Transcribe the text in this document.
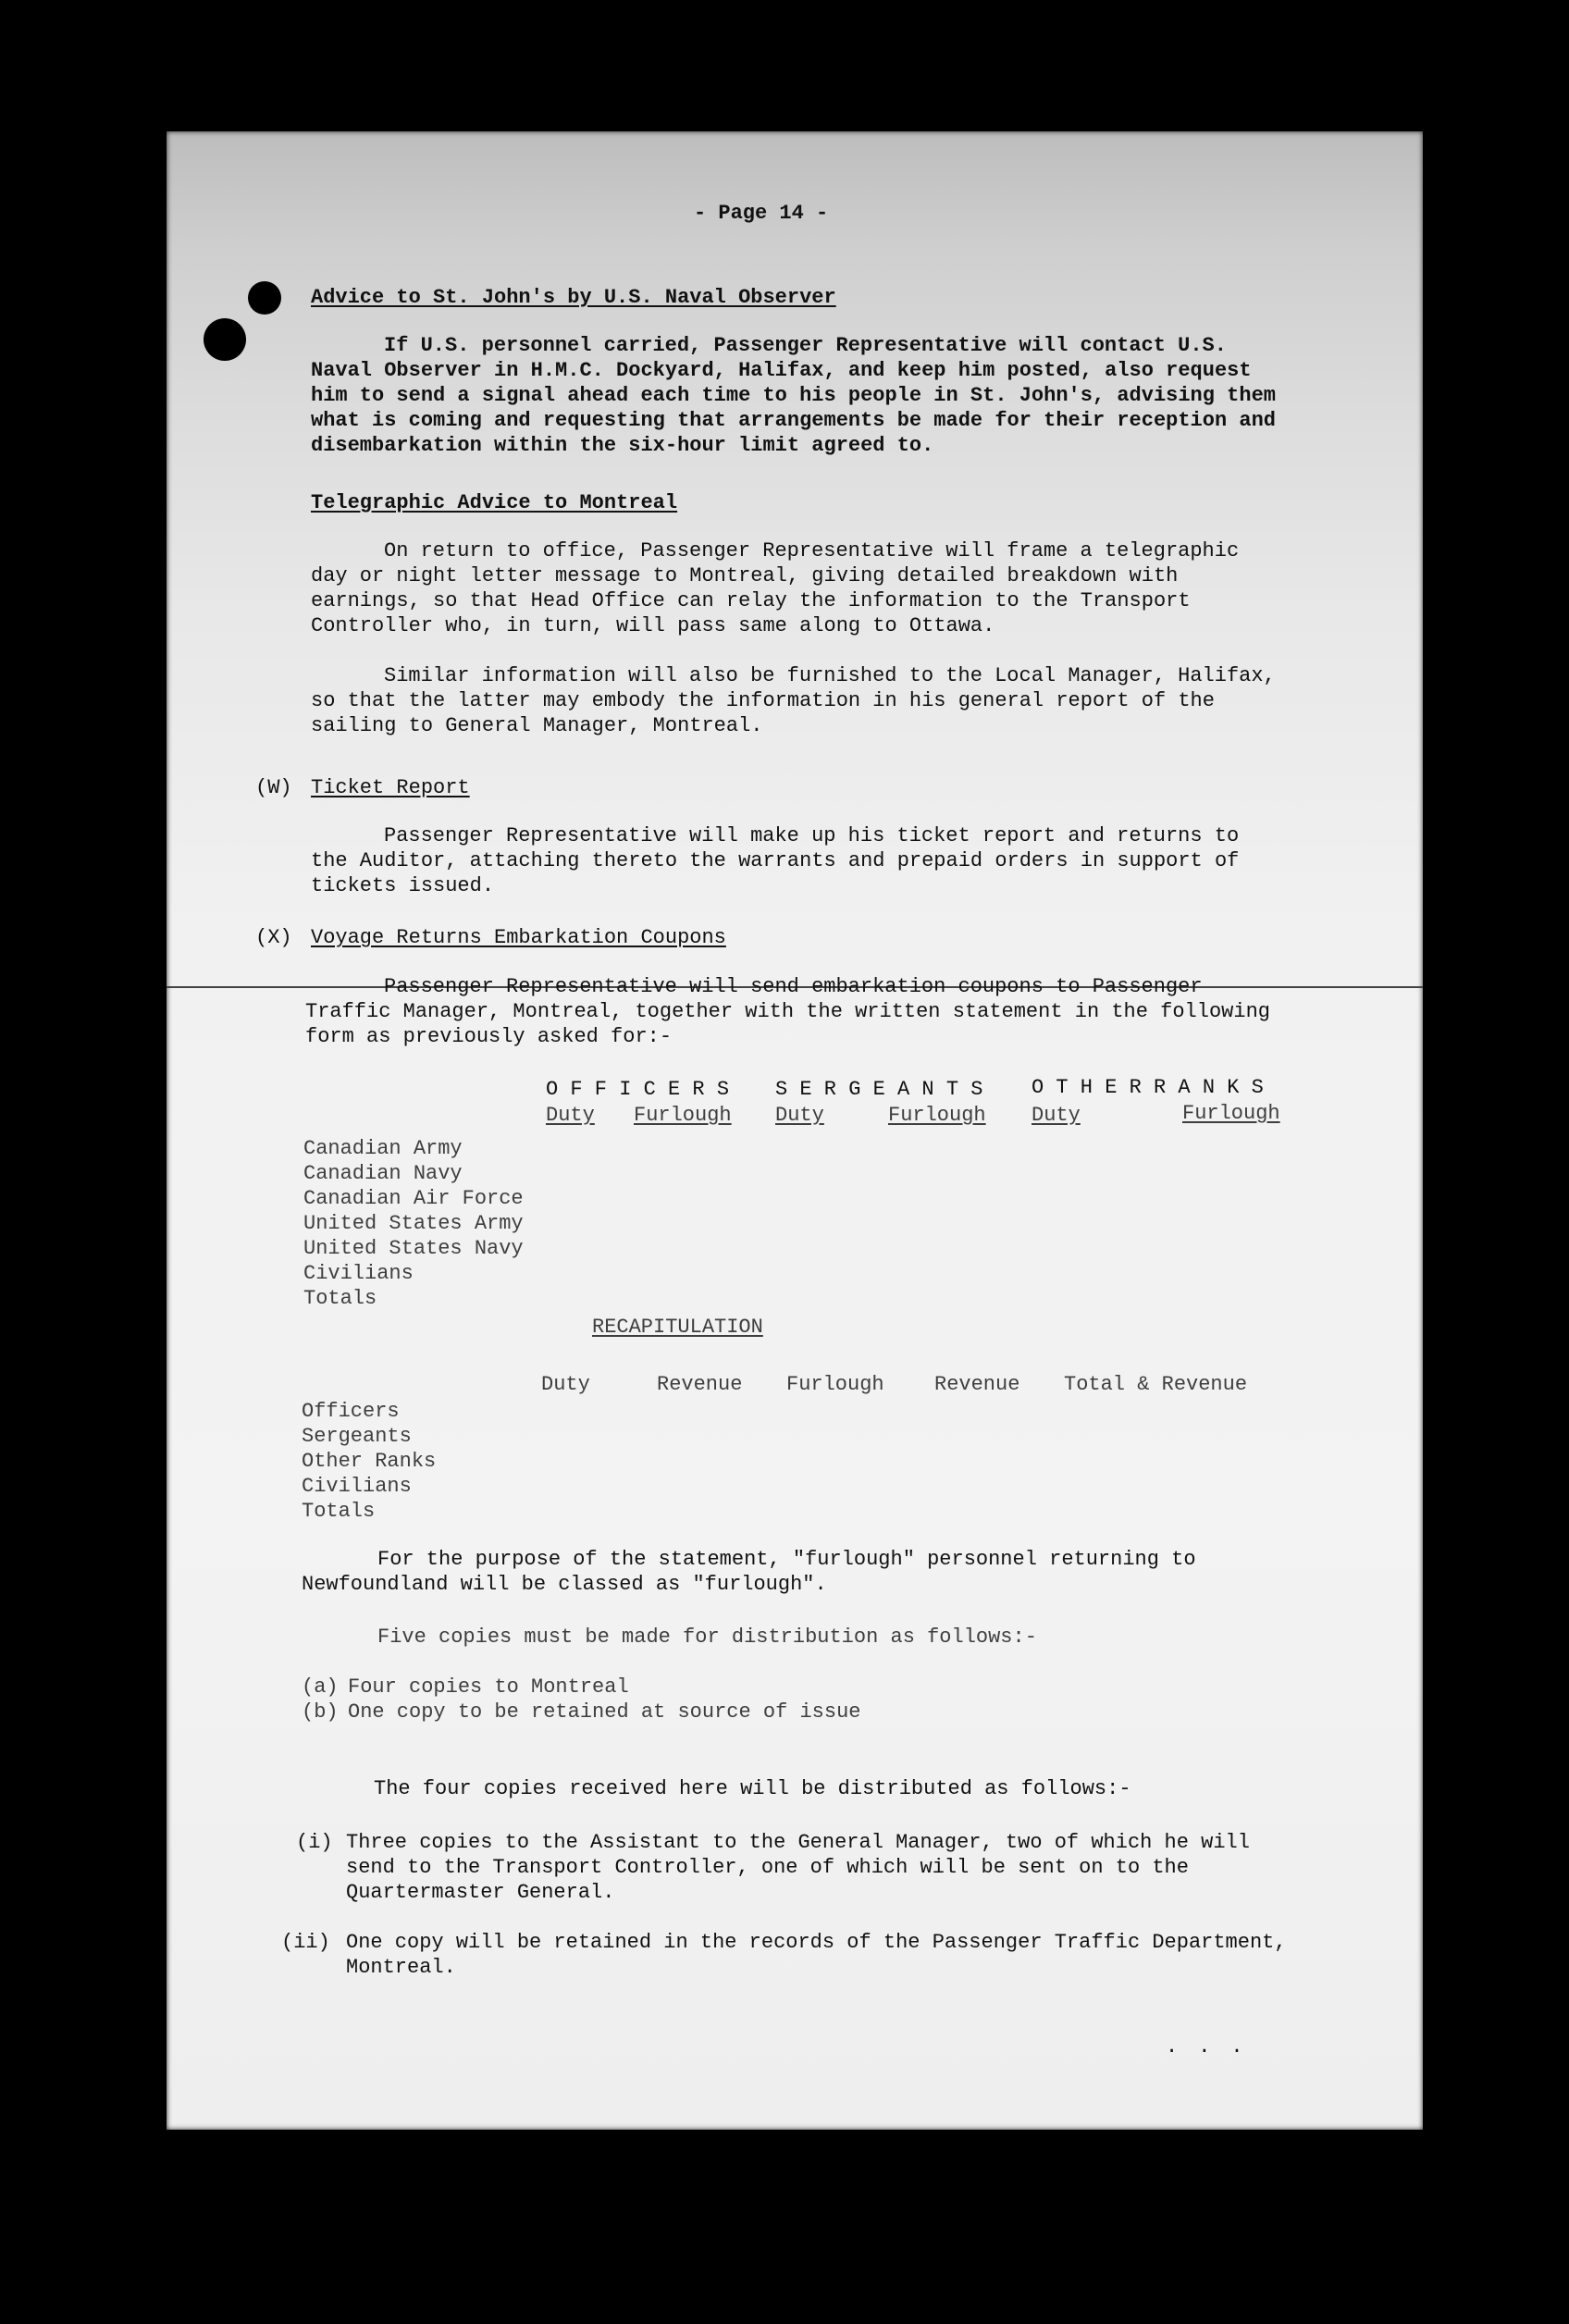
- Page 14 -
Advice to St. John's by U.S. Naval Observer
If U.S. personnel carried, Passenger Representative will contact U.S.
Naval Observer in H.M.C. Dockyard, Halifax, and keep him posted, also request
him to send a signal ahead each time to his people in St. John's, advising them
what is coming and requesting that arrangements be made for their reception and
disembarkation within the six-hour limit agreed to.
Telegraphic Advice to Montreal
On return to office, Passenger Representative will frame a telegraphic
day or night letter message to Montreal, giving detailed breakdown with
earnings, so that Head Office can relay the information to the Transport
Controller who, in turn, will pass same along to Ottawa.
Similar information will also be furnished to the Local Manager, Halifax,
so that the latter may embody the information in his general report of the
sailing to General Manager, Montreal.
(W) Ticket Report
Passenger Representative will make up his ticket report and returns to
the Auditor, attaching thereto the warrants and prepaid orders in support of
tickets issued.
(X) Voyage Returns Embarkation Coupons
Passenger Representative will send embarkation coupons to Passenger
Traffic Manager, Montreal, together with the written statement in the following
form as previously asked for:-
O F F I C E R S S E R G E A N T S O T H E R R A N K S
Duty Furlough Duty	Furlough Duty	Furlough
Canadian Army
Canadian Navy
Canadian Air Force
United States Army
United States Navy
Civilians
Totals
RECAPITULATION
Duty	Revenue Furlough Revenue Total & Revenue
Officers
Sergeants
Other Ranks
Civilians
Totals
For the purpose of the statement, "furlough" personnel returning to
Newfoundland will be classed as "furlough".
Five copies must be made for distribution as follows:-
(a) Four copies to Montreal
(b) One copy to be retained at source of issue
The four copies received here will be distributed as follows:-
(i) Three copies to the Assistant to the General Manager, two of which he will
send to the Transport Controller, one of which will be sent on to the
Quartermaster General.
(ii) One copy will be retained in the records of the Passenger Traffic Department,
Montreal.
...
